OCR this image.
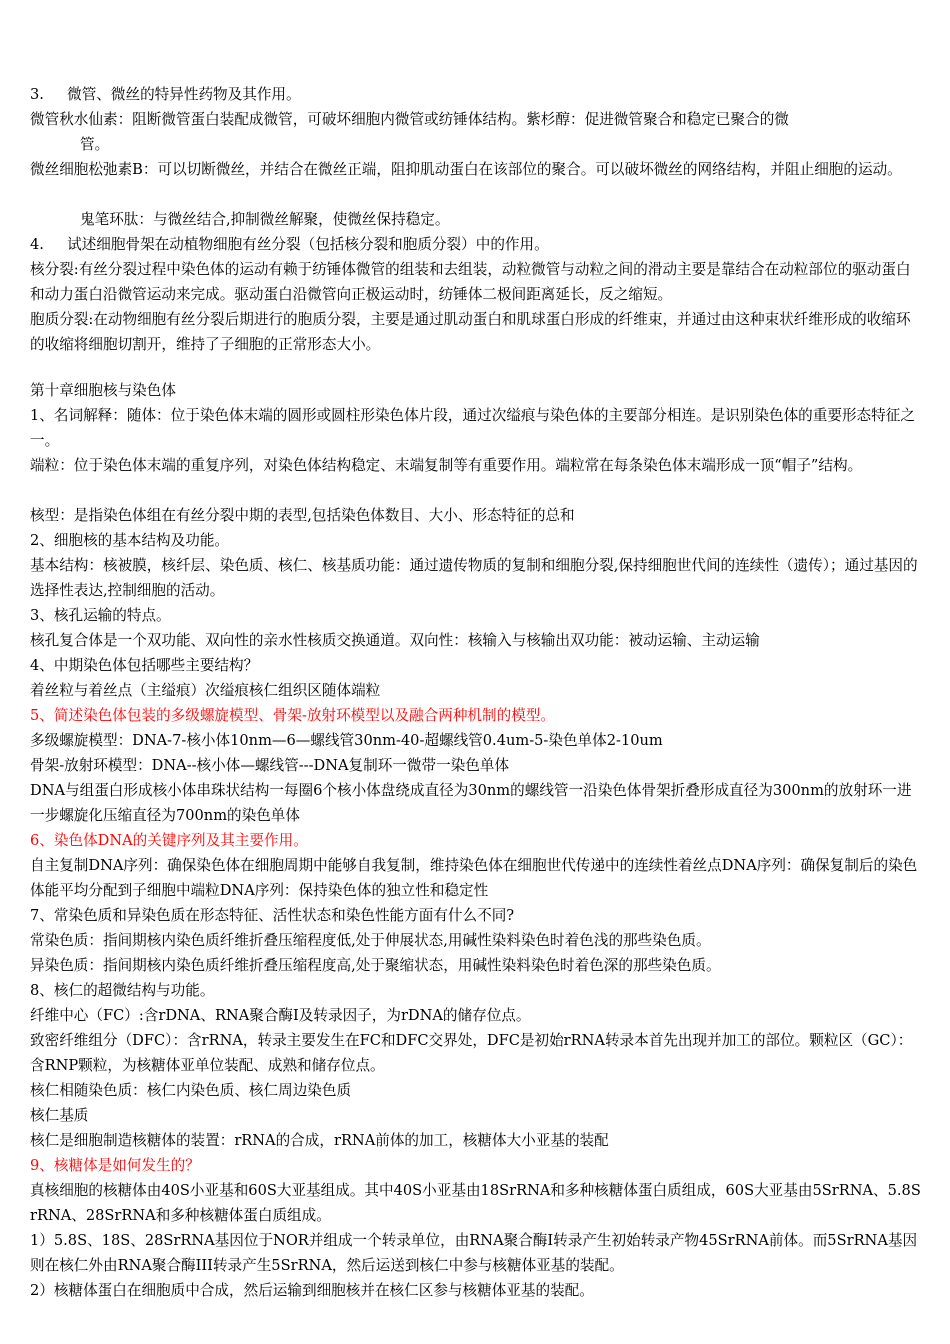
3.     微管、微丝的特异性药物及其作用。

微管秋水仙素：阻断微管蛋白装配成微管，可破坏细胞内微管或纺锤体结构。紫杉醇：促进微管聚合和稳定已聚合的微

管。

微丝细胞松弛素B：可以切断微丝，并结合在微丝正端，阻抑肌动蛋白在该部位的聚合。可以破坏微丝的网络结构，并阻止细胞的运动。

鬼笔环肽：与微丝结合,抑制微丝解聚，使微丝保持稳定。

4.     试述细胞骨架在动植物细胞有丝分裂（包括核分裂和胞质分裂）中的作用。

核分裂:有丝分裂过程中染色体的运动有赖于纺锤体微管的组装和去组装，动粒微管与动粒之间的滑动主要是靠结合在动粒部位的驱动蛋白和动力蛋白沿微管运动来完成。驱动蛋白沿微管向正极运动时，纺锤体二极间距离延长，反之缩短。

胞质分裂:在动物细胞有丝分裂后期进行的胞质分裂，主要是通过肌动蛋白和肌球蛋白形成的纤维束，并通过由这种束状纤维形成的收缩环的收缩将细胞切割开，维持了子细胞的正常形态大小。

第十章细胞核与染色体

1、名词解释：随体：位于染色体末端的圆形或圆柱形染色体片段，通过次缢痕与染色体的主要部分相连。是识别染色体的重要形态特征之一。

端粒：位于染色体末端的重复序列，对染色体结构稳定、末端复制等有重要作用。端粒常在每条染色体末端形成一顶“帽子”结构。

核型：是指染色体组在有丝分裂中期的表型,包括染色体数目、大小、形态特征的总和

2、细胞核的基本结构及功能。

基本结构：核被膜，核纤层、染色质、核仁、核基质功能：通过遗传物质的复制和细胞分裂,保持细胞世代间的连续性（遗传）；通过基因的选择性表达,控制细胞的活动。

3、核孔运输的特点。

核孔复合体是一个双功能、双向性的亲水性核质交换通道。双向性：核输入与核输出双功能：被动运输、主动运输

4、中期染色体包括哪些主要结构？

着丝粒与着丝点（主缢痕）次缢痕核仁组织区随体端粒

5、简述染色体包装的多级螺旋模型、骨架-放射环模型以及融合两种机制的模型。

多级螺旋模型：DNA-7-核小体10nm—6—螺线管30nm-40-超螺线管0.4um-5-染色单体2-10um

骨架-放射环模型：DNA--核小体—螺线管---DNA复制环一微带一染色单体

DNA与组蛋白形成核小体串珠状结构一每圈6个核小体盘绕成直径为30nm的螺线管一沿染色体骨架折叠形成直径为300nm的放射环一进一步螺旋化压缩直径为700nm的染色单体

6、染色体DNA的关键序列及其主要作用。

自主复制DNA序列：确保染色体在细胞周期中能够自我复制，维持染色体在细胞世代传递中的连续性着丝点DNA序列：确保复制后的染色体能平均分配到子细胞中端粒DNA序列：保持染色体的独立性和稳定性

7、常染色质和异染色质在形态特征、活性状态和染色性能方面有什么不同?

常染色质：指间期核内染色质纤维折叠压缩程度低,处于伸展状态,用碱性染料染色时着色浅的那些染色质。

异染色质：指间期核内染色质纤维折叠压缩程度高,处于聚缩状态，用碱性染料染色时着色深的那些染色质。

8、核仁的超微结构与功能。

纤维中心（FC）:含rDNA、RNA聚合酶Ⅰ及转录因子，为rDNA的储存位点。

致密纤维组分（DFC）：含rRNA，转录主要发生在FC和DFC交界处，DFC是初始rRNA转录本首先出现并加工的部位。颗粒区（GC）：含RNP颗粒，为核糖体亚单位装配、成熟和储存位点。

核仁相随染色质：核仁内染色质、核仁周边染色质

核仁基质

核仁是细胞制造核糖体的装置：rRNA的合成，rRNA前体的加工，核糖体大小亚基的装配

9、核糖体是如何发生的？

真核细胞的核糖体由40S小亚基和60S大亚基组成。其中40S小亚基由18SrRNA和多种核糖体蛋白质组成，60S大亚基由5SrRNA、5.8SrRNA、28SrRNA和多种核糖体蛋白质组成。

1）5.8S、18S、28SrRNA基因位于NOR并组成一个转录单位，由RNA聚合酶Ⅰ转录产生初始转录产物45SrRNA前体。而5SrRNA基因则在核仁外由RNA聚合酶III转录产生5SrRNA，然后运送到核仁中参与核糖体亚基的装配。

2）核糖体蛋白在细胞质中合成，然后运输到细胞核并在核仁区参与核糖体亚基的装配。
